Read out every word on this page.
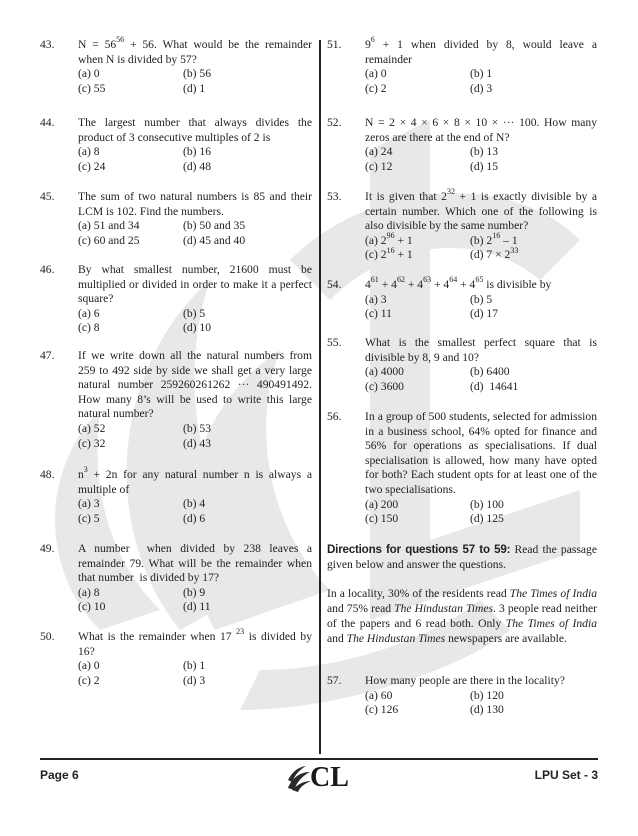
43.	$N = 56^{56} + 56$. What would be the remainder when N is divided by 57?
(a) 0	(b) 56
(c) 55	(d) 1
44.	The largest number that always divides the product of 3 consecutive multiples of 2 is
(a) 8	(b) 16
(c) 24	(d) 48
45.	The sum of two natural numbers is 85 and their LCM is 102. Find the numbers.
(a) 51 and 34	(b) 50 and 35
(c) 60 and 25	(d) 45 and 40
46.	By what smallest number, 21600 must be multiplied or divided in order to make it a perfect square?
(a) 6	(b) 5
(c) 8	(d) 10
47.	If we write down all the natural numbers from 259 to 492 side by side we shall get a very large natural number 259260261262 ··· 490491492. How many 8’s will be used to write this large natural number?
(a) 52	(b) 53
(c) 32	(d) 43
48.	$n^3 + 2n$ for any natural number n is always a multiple of
(a) 3	(b) 4
(c) 5	(d) 6
49.	A number  when divided by 238 leaves a remainder 79. What will be the remainder when that number  is divided by 17?
(a) 8	(b) 9
(c) 10	(d) 11
50.	What is the remainder when 17 $^{23}$ is divided by 16?
(a) 0	(b) 1
(c) 2	(d) 3
51.	$9^6 + 1$ when divided by 8, would leave a remainder
(a) 0	(b) 1
(c) 2	(d) 3
52.	N = 2 × 4 × 6 × 8 × 10 × ··· 100. How many zeros are there at the end of N?
(a) 24	(b) 13
(c) 12	(d) 15
53.	It is given that $2^{32} + 1$ is exactly divisible by a certain number. Which one of the following is also divisible by the same number?
(a) $2^{96} + 1$	(b) $2^{16} - 1$
(c) $2^{16} + 1$	(d) $7 \times 2^{33}$
54.	$4^{61} + 4^{62} + 4^{63} + 4^{64} + 4^{65}$ is divisible by
(a) 3	(b) 5
(c) 11	(d) 17
55.	What is the smallest perfect square that is divisible by 8, 9 and 10?
(a) 4000	(b) 6400
(c) 3600	(d)  14641
56.	In a group of 500 students, selected for admission in a business school, 64% opted for finance and 56% for operations as specialisations. If dual specialisation is allowed, how many have opted for both? Each student opts for at least one of the two specialisations.
(a) 200	(b) 100
(c) 150	(d) 125
Directions for questions 57 to 59: Read the passage given below and answer the questions.
In a locality, 30% of the residents read The Times of India and 75% read The Hindustan Times. 3 people read neither of the papers and 6 read both. Only The Times of India and The Hindustan Times newspapers are available.
57.	How many people are there in the locality?
(a) 60	(b) 120
(c) 126	(d) 130
Page 6	CL	LPU Set - 3
